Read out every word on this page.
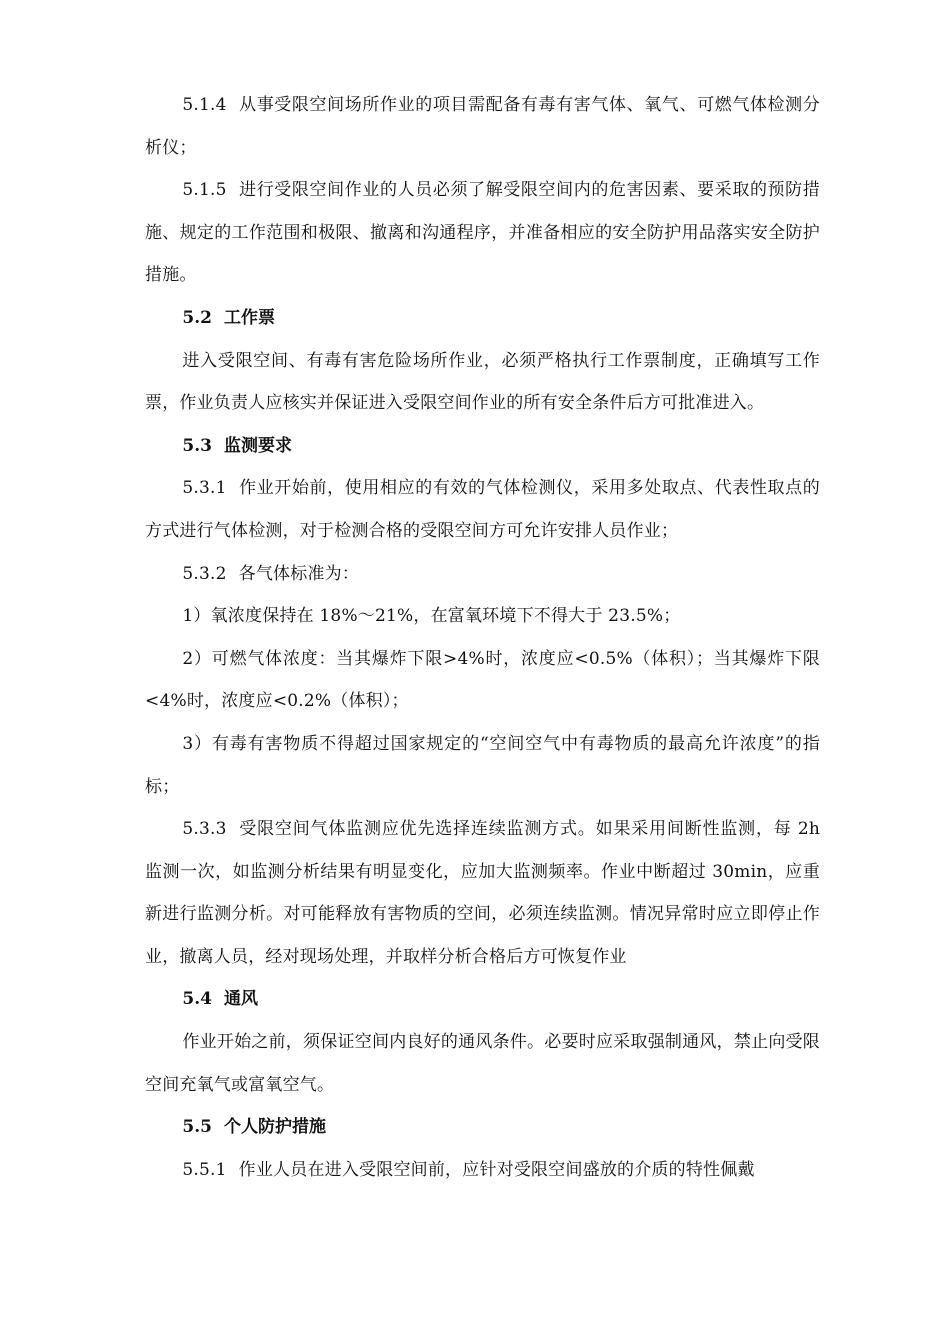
5.1.4 从事受限空间场所作业的项目需配备有毒有害气体、氧气、可燃气体检测分析仪；

5.1.5 进行受限空间作业的人员必须了解受限空间内的危害因素、要采取的预防措施、规定的工作范围和极限、撤离和沟通程序，并准备相应的安全防护用品落实安全防护措施。

5.2 工作票

进入受限空间、有毒有害危险场所作业，必须严格执行工作票制度，正确填写工作票，作业负责人应核实并保证进入受限空间作业的所有安全条件后方可批准进入。

5.3 监测要求

5.3.1 作业开始前，使用相应的有效的气体检测仪，采用多处取点、代表性取点的方式进行气体检测，对于检测合格的受限空间方可允许安排人员作业；

5.3.2 各气体标准为：

1）氧浓度保持在 18%～21%，在富氧环境下不得大于 23.5%；

2）可燃气体浓度：当其爆炸下限>4%时，浓度应<0.5%（体积）；当其爆炸下限<4%时，浓度应<0.2%（体积）；

3）有毒有害物质不得超过国家规定的“空间空气中有毒物质的最高允许浓度”的指标；

5.3.3 受限空间气体监测应优先选择连续监测方式。如果采用间断性监测，每 2h 监测一次，如监测分析结果有明显变化，应加大监测频率。作业中断超过 30min，应重新进行监测分析。对可能释放有害物质的空间，必须连续监测。情况异常时应立即停止作业，撤离人员，经对现场处理，并取样分析合格后方可恢复作业

5.4 通风

作业开始之前，须保证空间内良好的通风条件。必要时应采取强制通风，禁止向受限空间充氧气或富氧空气。

5.5 个人防护措施

5.5.1 作业人员在进入受限空间前，应针对受限空间盛放的介质的特性佩戴
